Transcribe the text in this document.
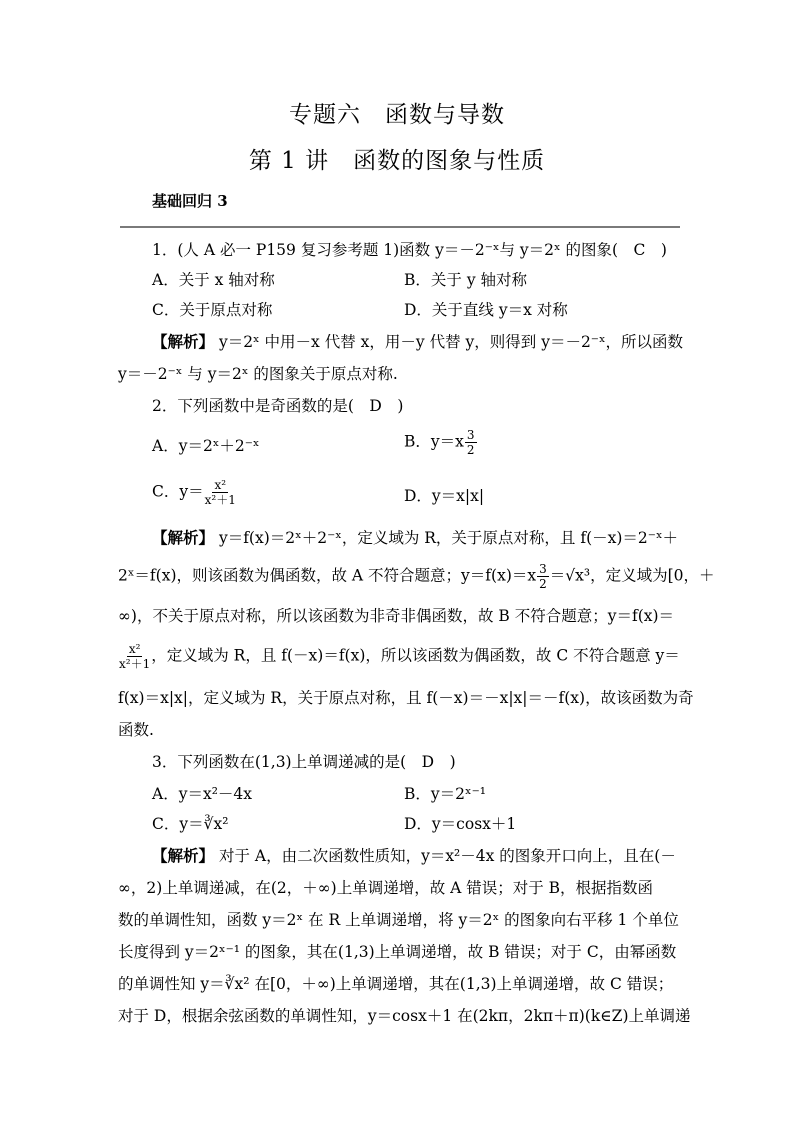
专题六　函数与导数
第 1 讲　函数的图象与性质
基础回归 3
1．(人 A 必一 P159 复习参考题 1)函数 y＝－2⁻ˣ与 y＝2ˣ 的图象(　C　)
A．关于 x 轴对称	B．关于 y 轴对称
C．关于原点对称	D．关于直线 y＝x 对称
【解析】 y＝2ˣ 中用－x 代替 x，用－y 代替 y，则得到 y＝－2⁻ˣ，所以函数
y＝－2⁻ˣ 与 y＝2ˣ 的图象关于原点对称.
2．下列函数中是奇函数的是(　D　)
A．y＝2ˣ＋2⁻ˣ	B．$y=x \frac{3}{2}$
C．$y= \frac{\text{x²}}{\text{x²＋1}}$	D．y＝x|x|
【解析】 y＝f(x)＝2ˣ＋2⁻ˣ，定义域为 R，关于原点对称，且 f(－x)＝2⁻ˣ＋
2ˣ＝f(x)，则该函数为偶函数，故 A 不符合题意；$y=f(x)=x \frac{3}{2} =√x^3$，定义域为[0，＋
∞)，不关于原点对称，所以该函数为非奇非偶函数，故 B 不符合题意；y＝f(x)＝
$\frac{\text{x²}}{\text{x²＋1}}$ ，定义域为 R，且 f(－x)＝f(x)，所以该函数为偶函数，故 C 不符合题意 y＝
f(x)＝x|x|，定义域为 R，关于原点对称，且 f(－x)＝－x|x|＝－f(x)，故该函数为奇
函数.
3．下列函数在(1,3)上单调递减的是(　D　)
A．y＝x²－4x	B．y＝2ˣ⁻¹
C．y＝∛x²	D．y＝cosx＋1
【解析】 对于 A，由二次函数性质知，y＝x²－4x 的图象开口向上，且在(－
∞，2)上单调递减，在(2，＋∞)上单调递增，故 A 错误；对于 B，根据指数函
数的单调性知，函数 y＝2ˣ 在 R 上单调递增，将 y＝2ˣ 的图象向右平移 1 个单位
长度得到 y＝2ˣ⁻¹ 的图象，其在(1,3)上单调递增，故 B 错误；对于 C，由幂函数
的单调性知 y＝∛x² 在[0，＋∞)上单调递增，其在(1,3)上单调递增，故 C 错误；
对于 D，根据余弦函数的单调性知，y＝cosx＋1 在(2kπ，2kπ＋π)(k∈Z)上单调递
